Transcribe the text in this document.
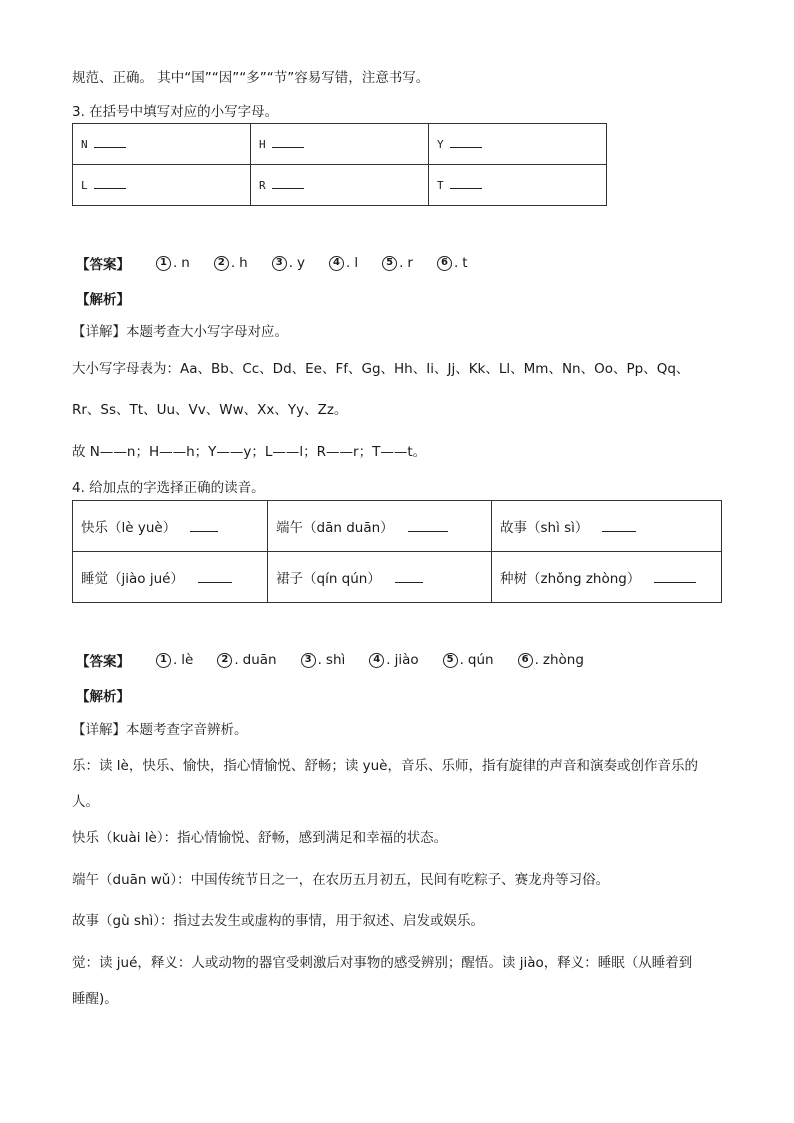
规范、正确。 其中“国”“因”“多”“节”容易写错，注意书写。
3. 在括号中填写对应的小写字母。
N	H	Y
L	R	T
【答案】	1 . n	2 . h	3 . y	4 . l	5 . r	6 . t
【解析】
【详解】本题考查大小写字母对应。
大小写字母表为：Aa、Bb、Cc、Dd、Ee、Ff、Gg、Hh、Ii、Jj、Kk、Ll、Mm、Nn、Oo、Pp、Qq、
Rr、Ss、Tt、Uu、Vv、Ww、Xx、Yy、Zz。
故 N——n；H——h；Y——y；L——l；R——r；T——t。
4. 给加点的字选择正确的读音。
快乐（lè yuè）	端午（dān duān）	故事（shì sì）
睡觉（jiào jué）	裙子（qín qún）	种树（zhǒng zhòng）
【答案】	1 . lè	2 . duān	3 . shì	4 . jiào	5 . qún	6 . zhòng
【解析】
【详解】本题考查字音辨析。
乐：读 lè，快乐、愉快，指心情愉悦、舒畅；读 yuè，音乐、乐师，指有旋律的声音和演奏或创作音乐的
人。
快乐（kuài lè）：指心情愉悦、舒畅，感到满足和幸福的状态。
端午（duān wǔ）：中国传统节日之一，在农历五月初五，民间有吃粽子、赛龙舟等习俗。
故事（gù shì）：指过去发生或虚构的事情，用于叙述、启发或娱乐。
觉：读 jué，释义：人或动物的器官受刺激后对事物的感受辨别；醒悟。读 jiào，释义：睡眠（从睡着到
睡醒)。
